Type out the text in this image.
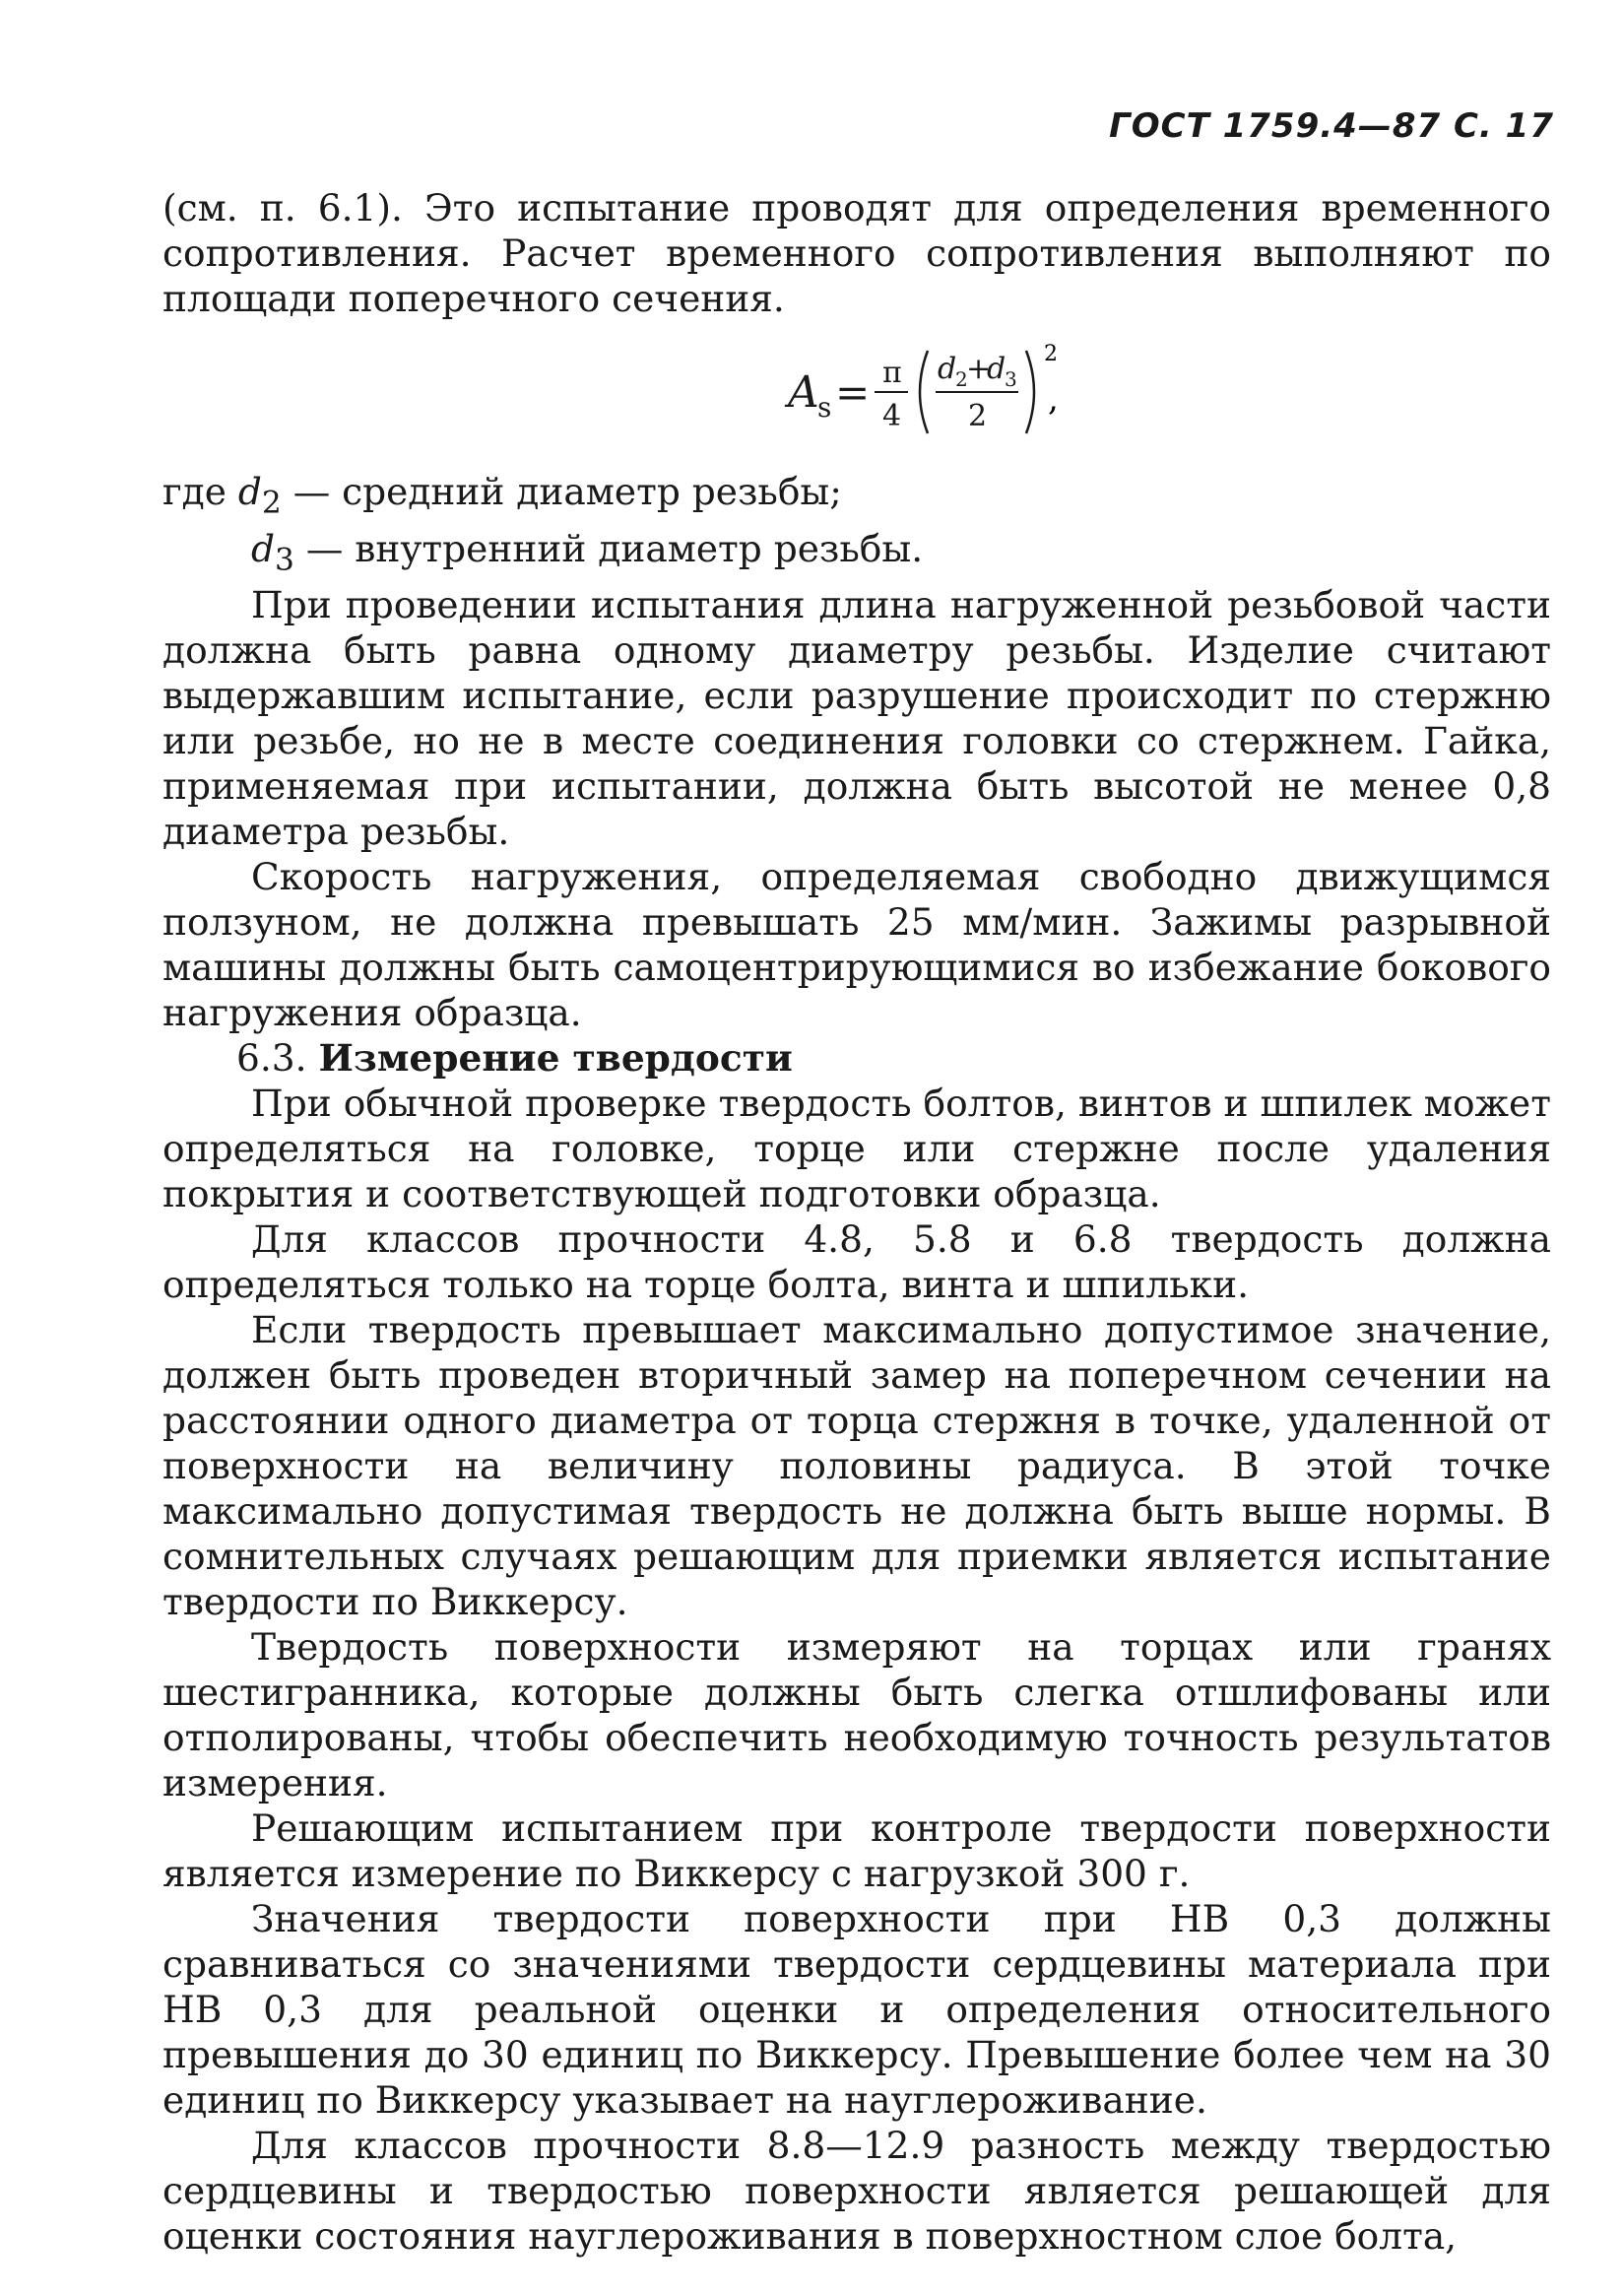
ГОСТ 1759.4—87 С. 17

(см. п. 6.1). Это испытание проводят для определения временного сопротивления. Расчет временного сопротивления выполняют по площади поперечного сечения.

A
s = π
4
d
2
+
d
3
2
2
,
где $d_2$ — средний диаметр резьбы;
$d_3$ — внутренний диаметр резьбы.

При проведении испытания длина нагруженной резьбовой части должна быть равна одному диаметру резьбы. Изделие считают выдержавшим испытание, если разрушение происходит по стержню или резьбе, но не в месте соединения головки со стержнем. Гайка, применяемая при испытании, должна быть высотой не менее 0,8 диаметра резьбы.

Скорость нагружения, определяемая свободно движущимся ползуном, не должна превышать 25 мм/мин. Зажимы разрывной машины должны быть самоцентрирующимися во избежание бокового нагружения образца.

6.3. Измерение твердости

При обычной проверке твердость болтов, винтов и шпилек может определяться на головке, торце или стержне после удаления покрытия и соответствующей подготовки образца.

Для классов прочности 4.8, 5.8 и 6.8 твердость должна определяться только на торце болта, винта и шпильки.

Если твердость превышает максимально допустимое значение, должен быть проведен вторичный замер на поперечном сечении на расстоянии одного диаметра от торца стержня в точке, удаленной от поверхности на величину половины радиуса. В этой точке максимально допустимая твердость не должна быть выше нормы. В сомнительных случаях решающим для приемки является испытание твердости по Виккерсу.

Твердость поверхности измеряют на торцах или гранях шестигранника, которые должны быть слегка отшлифованы или отполированы, чтобы обеспечить необходимую точность результатов измерения.

Решающим испытанием при контроле твердости поверхности является измерение по Виккерсу с нагрузкой 300 г.

Значения твердости поверхности при HB 0,3 должны сравниваться со значениями твердости сердцевины материала при HB 0,3 для реальной оценки и определения относительного превышения до 30 единиц по Виккерсу. Превышение более чем на 30 единиц по Виккерсу указывает на науглероживание.

Для классов прочности 8.8—12.9 разность между твердостью сердцевины и твердостью поверхности является решающей для оценки состояния науглероживания в поверхностном слое болта,
